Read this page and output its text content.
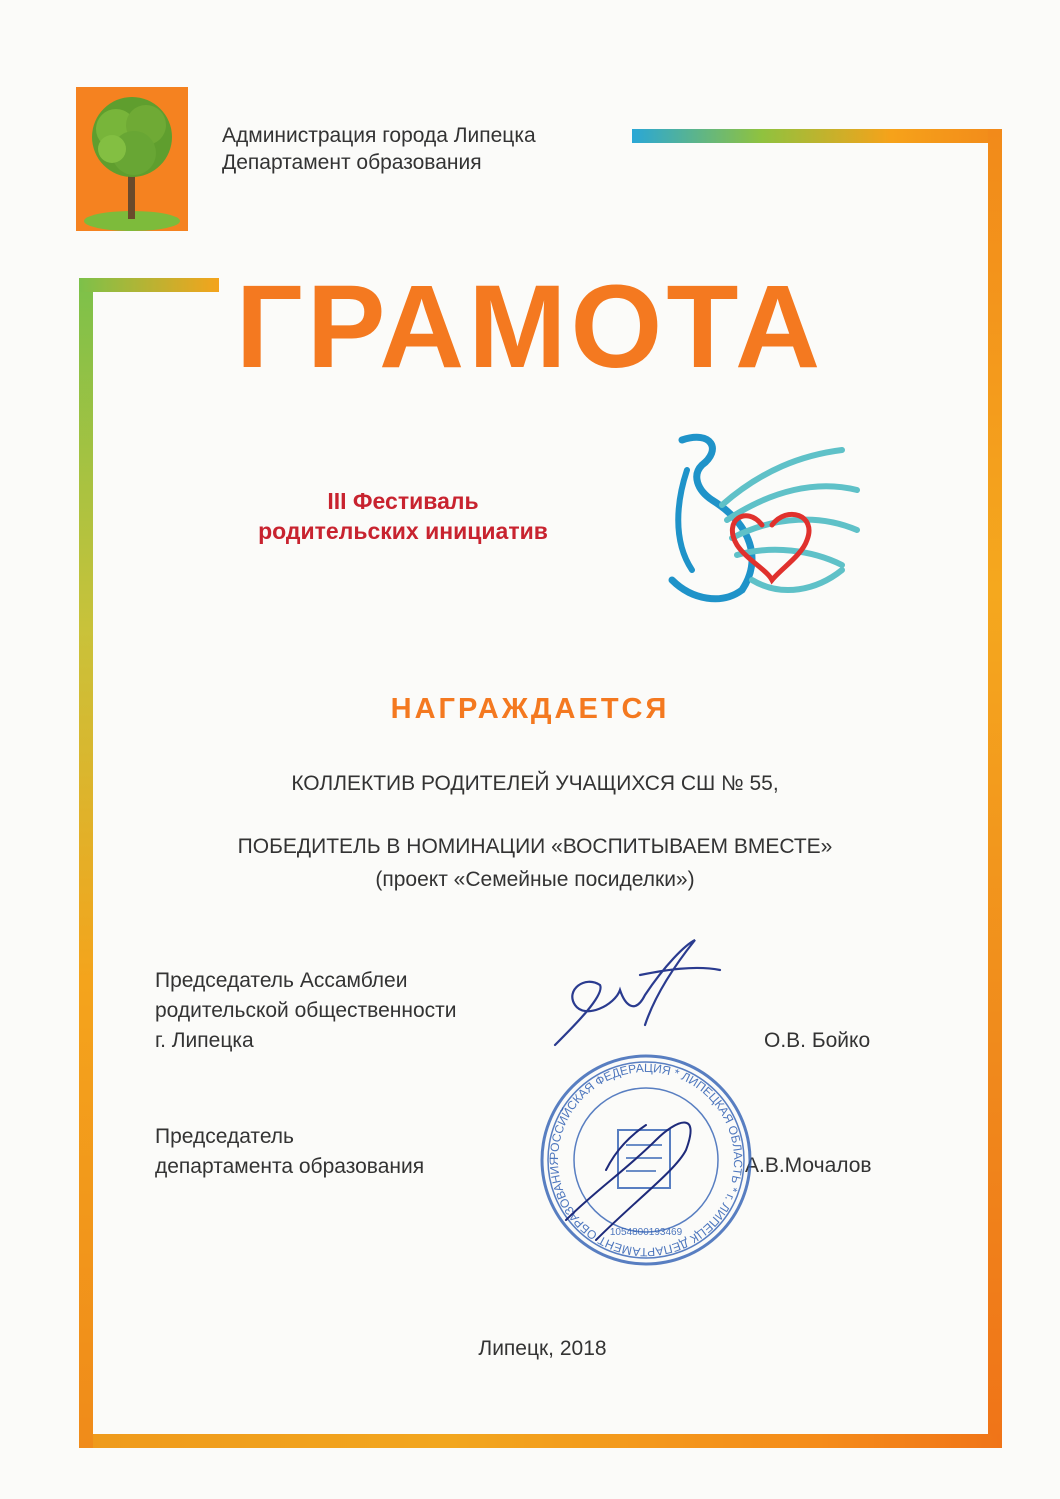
Администрация города Липецка
Департамент образования
ГРАМОТА
III Фестиваль
родительских инициатив
НАГРАЖДАЕТСЯ
КОЛЛЕКТИВ РОДИТЕЛЕЙ УЧАЩИХСЯ СШ № 55,
ПОБЕДИТЕЛЬ В НОМИНАЦИИ «ВОСПИТЫВАЕМ ВМЕСТЕ»
(проект «Семейные посиделки»)
Председатель Ассамблеи
родительской общественности
г. Липецка	О.В. Бойко
Председатель
департамента образования	А.В.Мочалов
РОССИЙСКАЯ ФЕДЕРАЦИЯ * ЛИПЕЦКАЯ ОБЛАСТЬ * г. ЛИПЕЦК ДЕПАРТАМЕНТ ОБРАЗОВАНИЯ
1054800193469
Липецк, 2018
